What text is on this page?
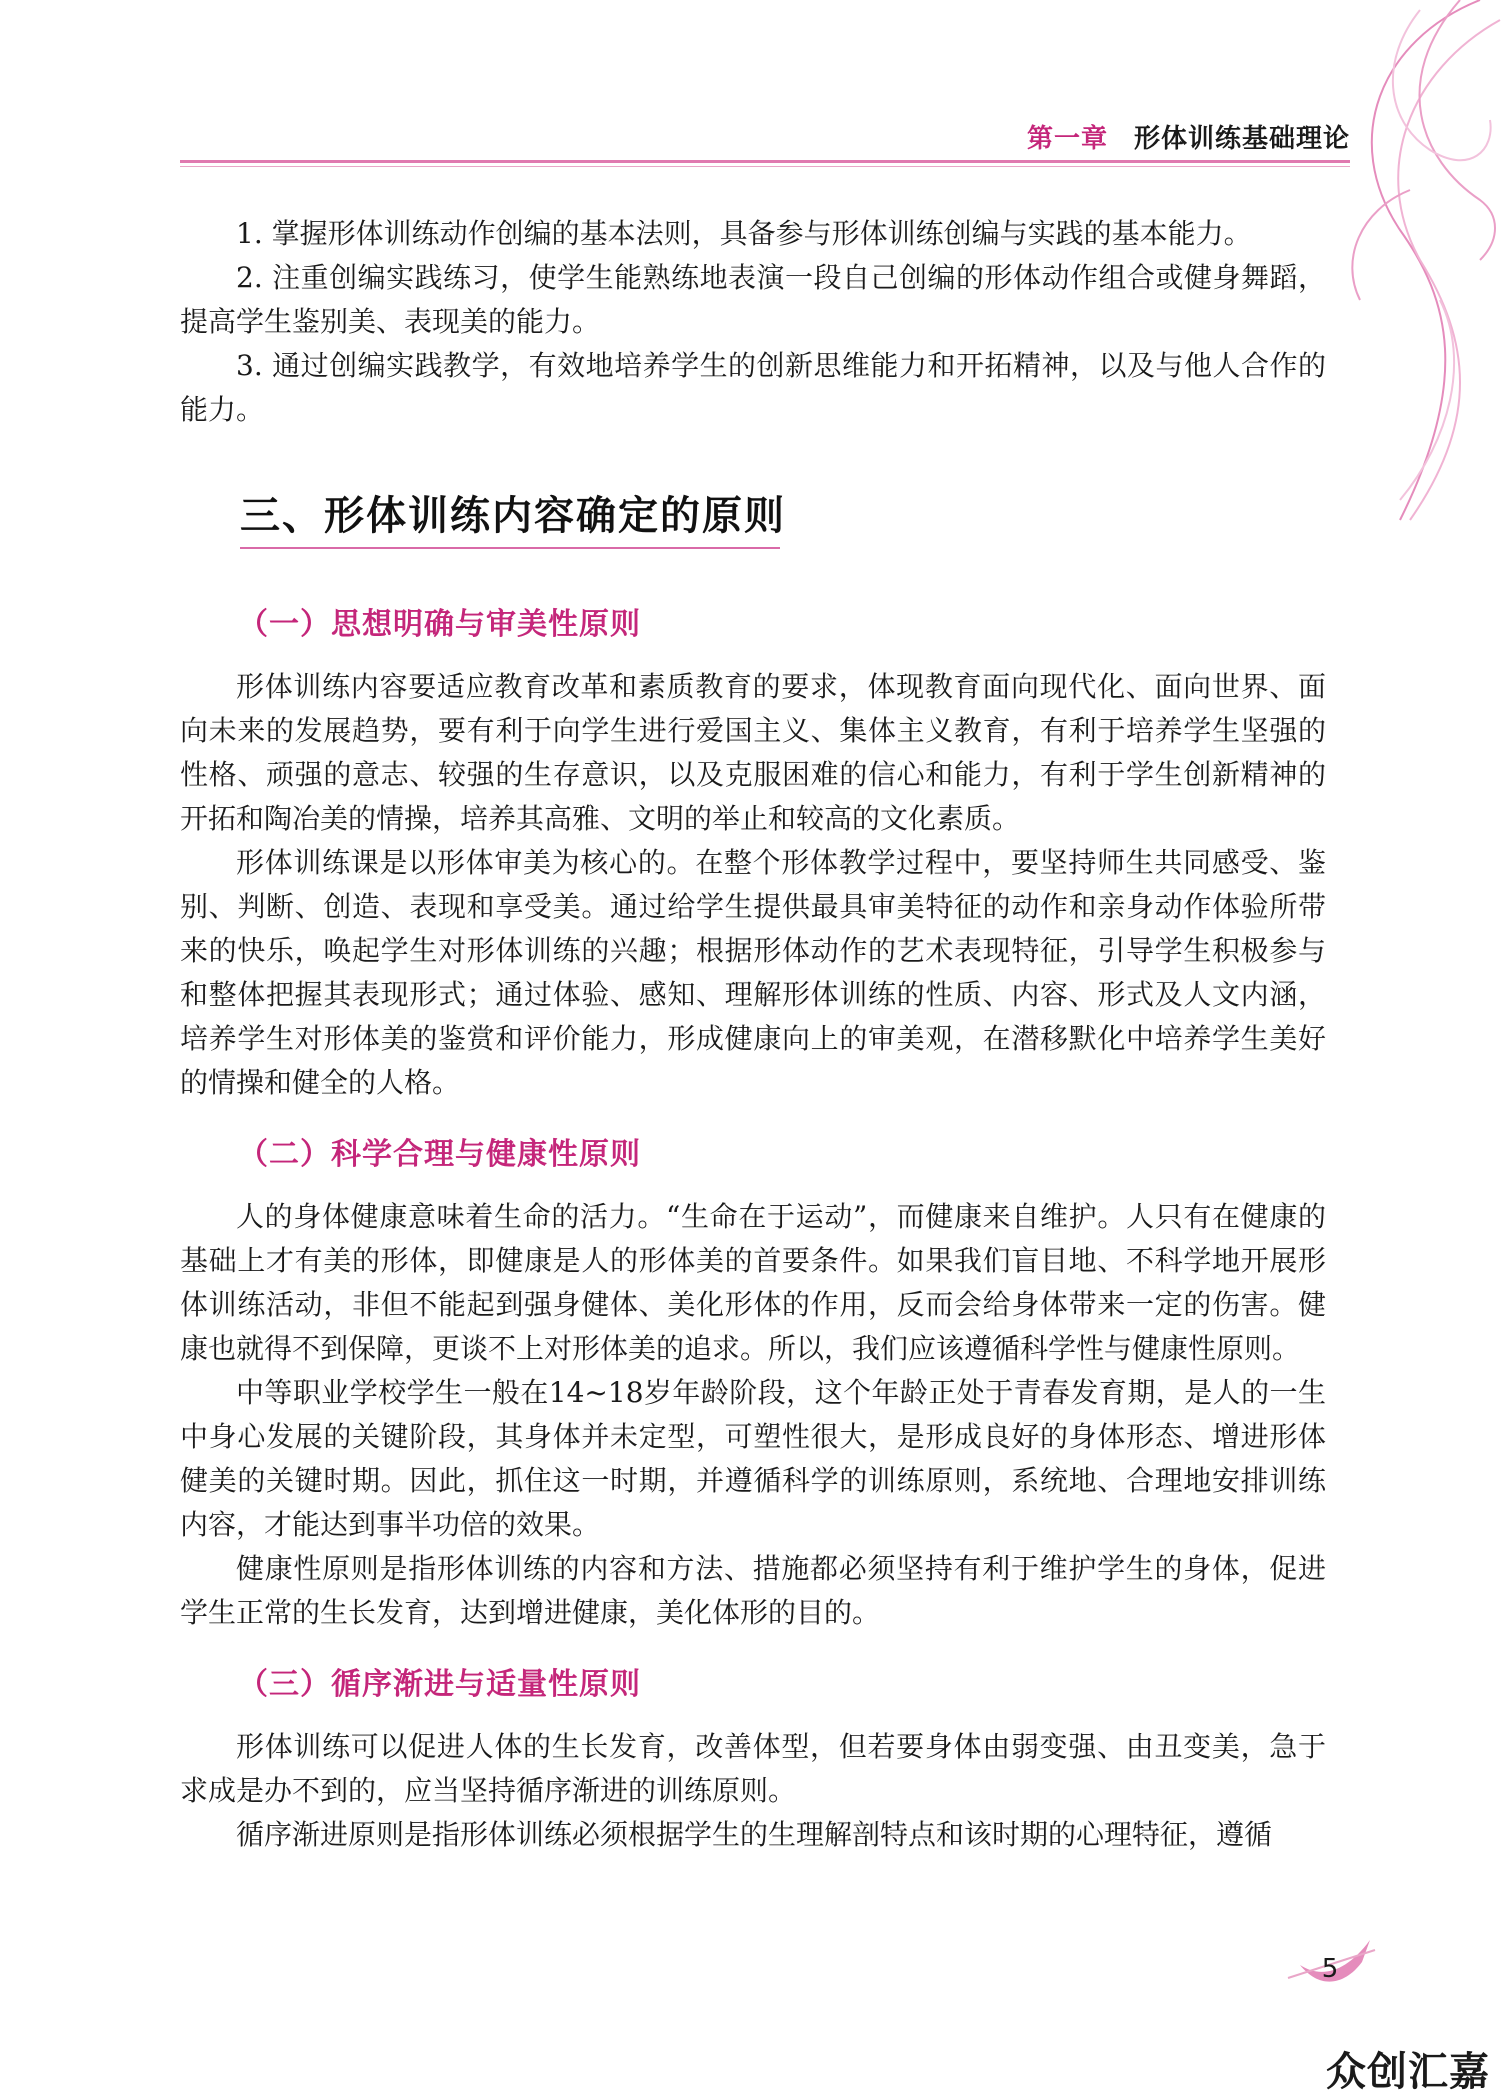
第一章 形体训练基础理论

1. 掌握形体训练动作创编的基本法则，具备参与形体训练创编与实践的基本能力。

2. 注重创编实践练习，使学生能熟练地表演一段自己创编的形体动作组合或健身舞蹈，提高学生鉴别美、表现美的能力。

3. 通过创编实践教学，有效地培养学生的创新思维能力和开拓精神，以及与他人合作的能力。

三、形体训练内容确定的原则
（一）思想明确与审美性原则

形体训练内容要适应教育改革和素质教育的要求，体现教育面向现代化、面向世界、面向未来的发展趋势，要有利于向学生进行爱国主义、集体主义教育，有利于培养学生坚强的性格、顽强的意志、较强的生存意识，以及克服困难的信心和能力，有利于学生创新精神的开拓和陶冶美的情操，培养其高雅、文明的举止和较高的文化素质。

形体训练课是以形体审美为核心的。在整个形体教学过程中，要坚持师生共同感受、鉴别、判断、创造、表现和享受美。通过给学生提供最具审美特征的动作和亲身动作体验所带来的快乐，唤起学生对形体训练的兴趣；根据形体动作的艺术表现特征，引导学生积极参与和整体把握其表现形式；通过体验、感知、理解形体训练的性质、内容、形式及人文内涵，培养学生对形体美的鉴赏和评价能力，形成健康向上的审美观，在潜移默化中培养学生美好的情操和健全的人格。

（二）科学合理与健康性原则

人的身体健康意味着生命的活力。“生命在于运动”，而健康来自维护。人只有在健康的基础上才有美的形体，即健康是人的形体美的首要条件。如果我们盲目地、不科学地开展形体训练活动，非但不能起到强身健体、美化形体的作用，反而会给身体带来一定的伤害。健康也就得不到保障，更谈不上对形体美的追求。所以，我们应该遵循科学性与健康性原则。

中等职业学校学生一般在14~18岁年龄阶段，这个年龄正处于青春发育期，是人的一生中身心发展的关键阶段，其身体并未定型，可塑性很大，是形成良好的身体形态、增进形体健美的关键时期。因此，抓住这一时期，并遵循科学的训练原则，系统地、合理地安排训练内容，才能达到事半功倍的效果。

健康性原则是指形体训练的内容和方法、措施都必须坚持有利于维护学生的身体，促进学生正常的生长发育，达到增进健康，美化体形的目的。

（三）循序渐进与适量性原则

形体训练可以促进人体的生长发育，改善体型，但若要身体由弱变强、由丑变美，急于求成是办不到的，应当坚持循序渐进的训练原则。

循序渐进原则是指形体训练必须根据学生的生理解剖特点和该时期的心理特征，遵循

5
众创汇嘉
